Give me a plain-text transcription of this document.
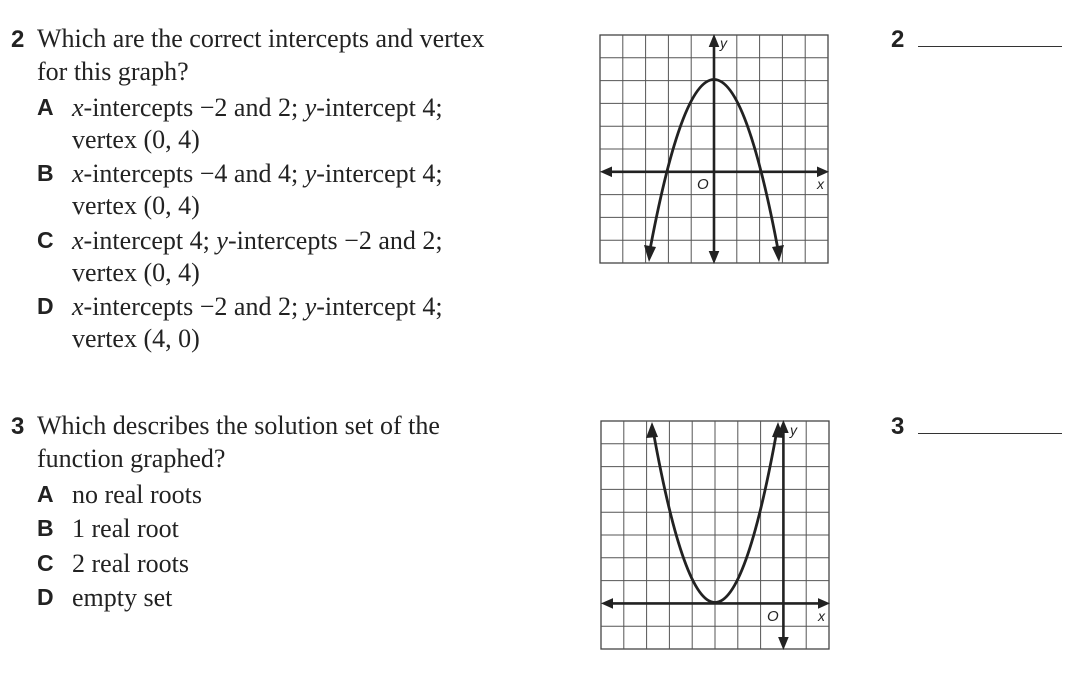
2 Which are the correct intercepts and vertex
for this graph?
A x-intercepts −2 and 2; y-intercept 4;
vertex (0, 4)
B x-intercepts −4 and 4; y-intercept 4;
vertex (0, 4)
C x-intercept 4; y-intercepts −2 and 2;
vertex (0, 4)
D x-intercepts −2 and 2; y-intercept 4;
vertex (4, 0)
y
x
O
2
3 Which describes the solution set of the
function graphed?
A no real roots
B 1 real root
C 2 real roots
D empty set
y
x
O
3
